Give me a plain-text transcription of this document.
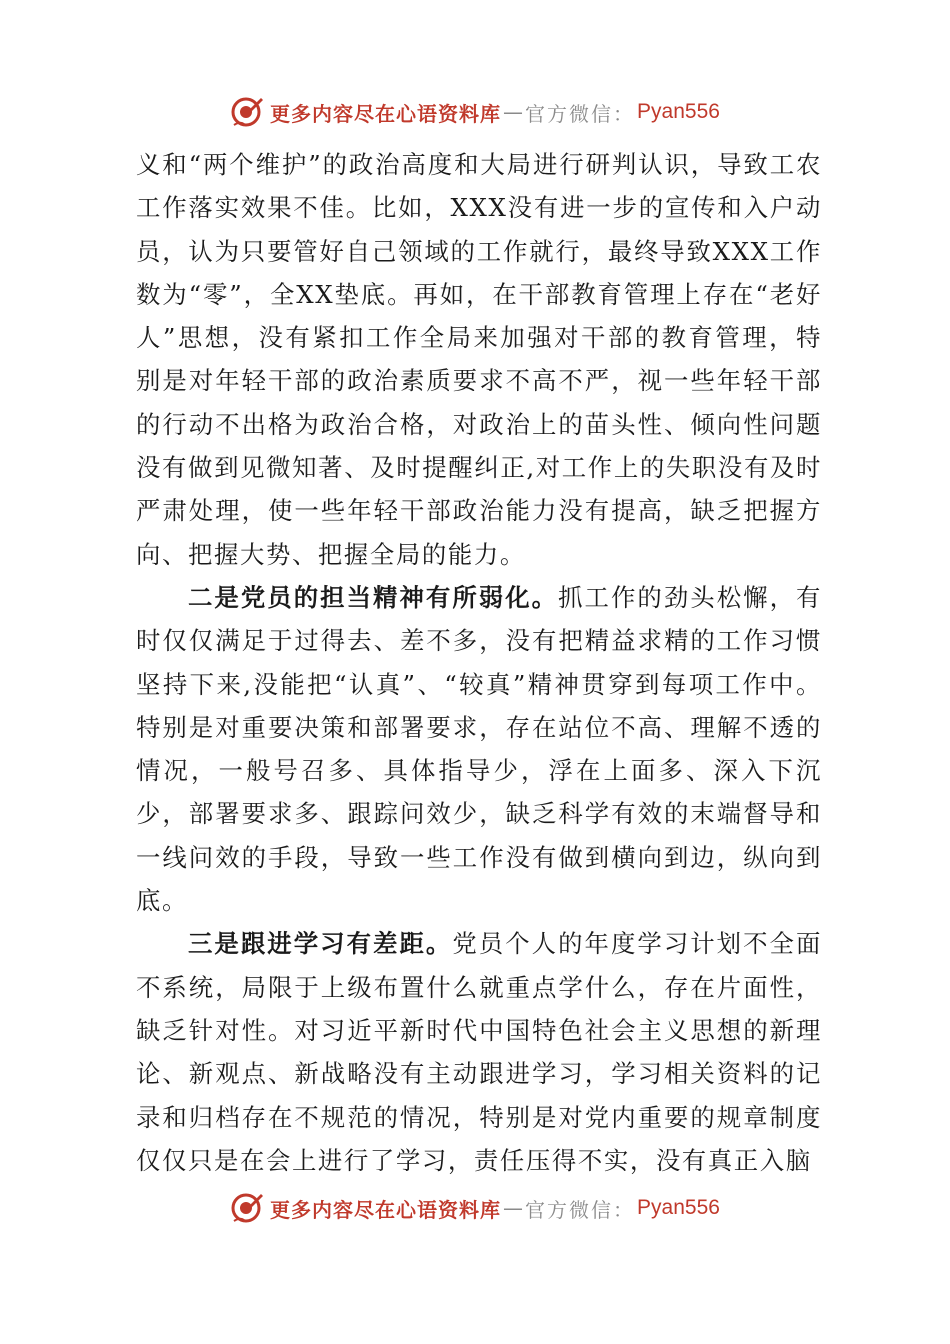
更多内容尽在心语资料库 — 官方微信： Pyan556

义和“两个维护”的政治高度和大局进行研判认识，导致工农工作落实效果不佳。比如，XXX没有进一步的宣传和入户动员，认为只要管好自己领域的工作就行，最终导致XXX工作数为“零”，全XX垫底。再如，在干部教育管理上存在“老好人”思想，没有紧扣工作全局来加强对干部的教育管理，特别是对年轻干部的政治素质要求不高不严，视一些年轻干部的行动不出格为政治合格，对政治上的苗头性、倾向性问题没有做到见微知著、及时提醒纠正,对工作上的失职没有及时严肃处理，使一些年轻干部政治能力没有提高，缺乏把握方向、把握大势、把握全局的能力。

二是党员的担当精神有所弱化。抓工作的劲头松懈，有时仅仅满足于过得去、差不多，没有把精益求精的工作习惯坚持下来,没能把“认真”、“较真”精神贯穿到每项工作中。特别是对重要决策和部署要求，存在站位不高、理解不透的情况，一般号召多、具体指导少，浮在上面多、深入下沉少，部署要求多、跟踪问效少，缺乏科学有效的末端督导和一线问效的手段，导致一些工作没有做到横向到边，纵向到底。

三是跟进学习有差距。党员个人的年度学习计划不全面不系统，局限于上级布置什么就重点学什么，存在片面性，缺乏针对性。对习近平新时代中国特色社会主义思想的新理论、新观点、新战略没有主动跟进学习，学习相关资料的记录和归档存在不规范的情况，特别是对党内重要的规章制度仅仅只是在会上进行了学习，责任压得不实，没有真正入脑

更多内容尽在心语资料库 — 官方微信： Pyan556
